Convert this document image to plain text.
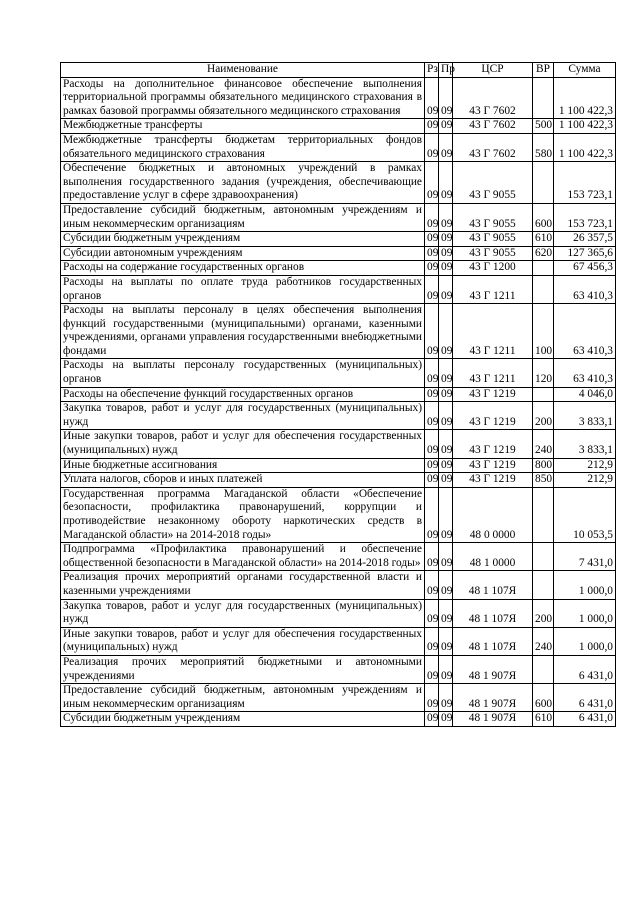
Наименование	Рз	Пр	ЦСР	ВР	Сумма
Расходы на дополнительное финансовое обеспечение выполнения территориальной программы обязательного медицинского страхования в рамках базовой программы обязательного медицинского страхования	09	09	43 Г 7602		1 100 422,3
Межбюджетные трансферты	09	09	43 Г 7602	500	1 100 422,3
Межбюджетные трансферты бюджетам территориальных фондов обязательного медицинского страхования	09	09	43 Г 7602	580	1 100 422,3
Обеспечение бюджетных и автономных учреждений в рамках выполнения государственного задания (учреждения, обеспечивающие предоставление услуг в сфере здравоохранения)	09	09	43 Г 9055		153 723,1
Предоставление субсидий бюджетным, автономным учреждениям и иным некоммерческим организациям	09	09	43 Г 9055	600	153 723,1
Субсидии бюджетным учреждениям	09	09	43 Г 9055	610	26 357,5
Субсидии автономным учреждениям	09	09	43 Г 9055	620	127 365,6
Расходы на содержание государственных органов	09	09	43 Г 1200		67 456,3
Расходы на выплаты по оплате труда работников государственных органов	09	09	43 Г 1211		63 410,3
Расходы на выплаты персоналу в целях обеспечения выполнения функций государственными (муниципальными) органами, казенными учреждениями, органами управления государственными внебюджетными фондами	09	09	43 Г 1211	100	63 410,3
Расходы на выплаты персоналу государственных (муниципальных) органов	09	09	43 Г 1211	120	63 410,3
Расходы на обеспечение функций государственных органов	09	09	43 Г 1219		4 046,0
Закупка товаров, работ и услуг для государственных (муниципальных) нужд	09	09	43 Г 1219	200	3 833,1
Иные закупки товаров, работ и услуг для обеспечения государственных (муниципальных) нужд	09	09	43 Г 1219	240	3 833,1
Иные бюджетные ассигнования	09	09	43 Г 1219	800	212,9
Уплата налогов, сборов и иных платежей	09	09	43 Г 1219	850	212,9
Государственная программа Магаданской области «Обеспечение безопасности, профилактика правонарушений, коррупции и противодействие незаконному обороту наркотических средств в Магаданской области» на 2014-2018 годы»	09	09	48 0 0000		10 053,5
Подпрограмма «Профилактика правонарушений и обеспечение общественной безопасности в Магаданской области» на 2014-2018 годы»	09	09	48 1 0000		7 431,0
Реализация прочих мероприятий органами государственной власти и казенными учреждениями	09	09	48 1 107Я		1 000,0
Закупка товаров, работ и услуг для государственных (муниципальных) нужд	09	09	48 1 107Я	200	1 000,0
Иные закупки товаров, работ и услуг для обеспечения государственных (муниципальных) нужд	09	09	48 1 107Я	240	1 000,0
Реализация прочих мероприятий бюджетными и автономными учреждениями	09	09	48 1 907Я		6 431,0
Предоставление субсидий бюджетным, автономным учреждениям и иным некоммерческим организациям	09	09	48 1 907Я	600	6 431,0
Субсидии бюджетным учреждениям	09	09	48 1 907Я	610	6 431,0
